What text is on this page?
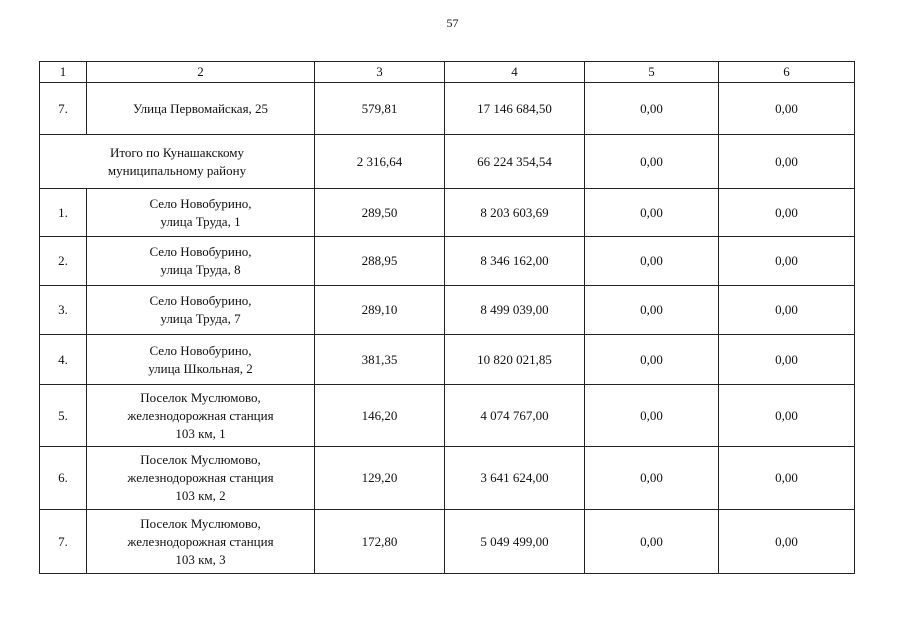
57
1	2	3	4	5	6
7.	Улица Первомайская, 25	579,81	17 146 684,50	0,00	0,00
Итого по Кунашакскому
муниципальному району		2 316,64	66 224 354,54	0,00	0,00
1.	Село Новобурино,
улица Труда, 1	289,50	8 203 603,69	0,00	0,00
2.	Село Новобурино,
улица Труда, 8	288,95	8 346 162,00	0,00	0,00
3.	Село Новобурино,
улица Труда, 7	289,10	8 499 039,00	0,00	0,00
4.	Село Новобурино,
улица Школьная, 2	381,35	10 820 021,85	0,00	0,00
5.	Поселок Муслюмово,
железнодорожная станция
103 км, 1	146,20	4 074 767,00	0,00	0,00
6.	Поселок Муслюмово,
железнодорожная станция
103 км, 2	129,20	3 641 624,00	0,00	0,00
7.	Поселок Муслюмово,
железнодорожная станция
103 км, 3	172,80	5 049 499,00	0,00	0,00
